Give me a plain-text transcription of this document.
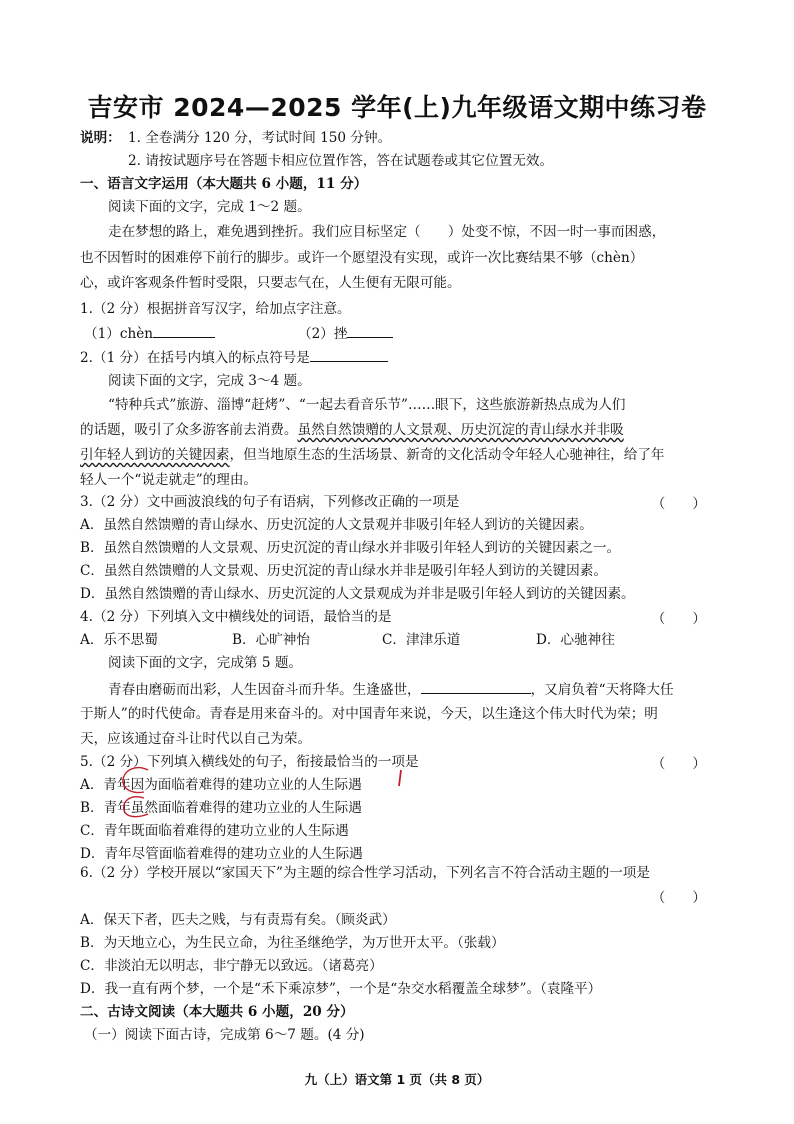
吉安市 2024—2025 学年(上)九年级语文期中练习卷
说明： 1. 全卷满分 120 分，考试时间 150 分钟。
2. 请按试题序号在答题卡相应位置作答，答在试题卷或其它位置无效。
一、语言文字运用（本大题共 6 小题，11 分）
阅读下面的文字，完成 1～2 题。
走在梦想的路上，难免遇到挫折。我们应目标坚定（　　）处变不惊，不因一时一事而困惑，
也不因暂时的困难停下前行的脚步。或许一个愿望没有实现，或许一次比赛结果不够（chèn）
心，或许客观条件暂时受限，只要志气在，人生便有无限可能。
1.（2 分）根据拼音写汉字，给加点字注意。
（1）chèn	（2）挫
2.（1 分）在括号内填入的标点符号是
阅读下面的文字，完成 3～4 题。
“特种兵式”旅游、淄博“赶烤”、“一起去看音乐节”……眼下，这些旅游新热点成为人们
的话题，吸引了众多游客前去消费。虽然自然馈赠的人文景观、历史沉淀的青山绿水并非吸
引年轻人到访的关键因素，但当地原生态的生活场景、新奇的文化活动令年轻人心驰神往，给了年
轻人一个“说走就走”的理由。
3.（2 分）文中画波浪线的句子有语病，下列修改正确的一项是	（　　）
A．虽然自然馈赠的青山绿水、历史沉淀的人文景观并非吸引年轻人到访的关键因素。
B．虽然自然馈赠的人文景观、历史沉淀的青山绿水并非吸引年轻人到访的关键因素之一。
C．虽然自然馈赠的人文景观、历史沉淀的青山绿水并非是吸引年轻人到访的关键因素。
D．虽然自然馈赠的青山绿水、历史沉淀的人文景观成为并非是吸引年轻人到访的关键因素。
4.（2 分）下列填入文中横线处的词语，最恰当的是	（　　）
A．乐不思蜀	B．心旷神怡	C．津津乐道	D．心驰神往
阅读下面的文字，完成第 5 题。
青春由磨砺而出彩，人生因奋斗而升华。生逢盛世，	，又肩负着“天将降大任
于斯人”的时代使命。青春是用来奋斗的。对中国青年来说，今天，以生逢这个伟大时代为荣；明
天，应该通过奋斗让时代以自己为荣。
5.（2 分）下列填入横线处的句子，衔接最恰当的一项是	（　　）
A．青年因为面临着难得的建功立业的人生际遇
B．青年虽然面临着难得的建功立业的人生际遇
C．青年既面临着难得的建功立业的人生际遇
D．青年尽管面临着难得的建功立业的人生际遇
6.（2 分）学校开展以“家国天下”为主题的综合性学习活动，下列名言不符合活动主题的一项是
（　　）
A．保天下者，匹夫之贱，与有责焉有矣。（顾炎武）
B．为天地立心，为生民立命，为往圣继绝学，为万世开太平。（张载）
C．非淡泊无以明志，非宁静无以致远。（诸葛亮）
D．我一直有两个梦，一个是“禾下乘凉梦”，一个是“杂交水稻覆盖全球梦”。（袁隆平）
二、古诗文阅读（本大题共 6 小题，20 分）
（一）阅读下面古诗，完成第 6～7 题。(4 分)
九（上）语文第 1 页（共 8 页）
